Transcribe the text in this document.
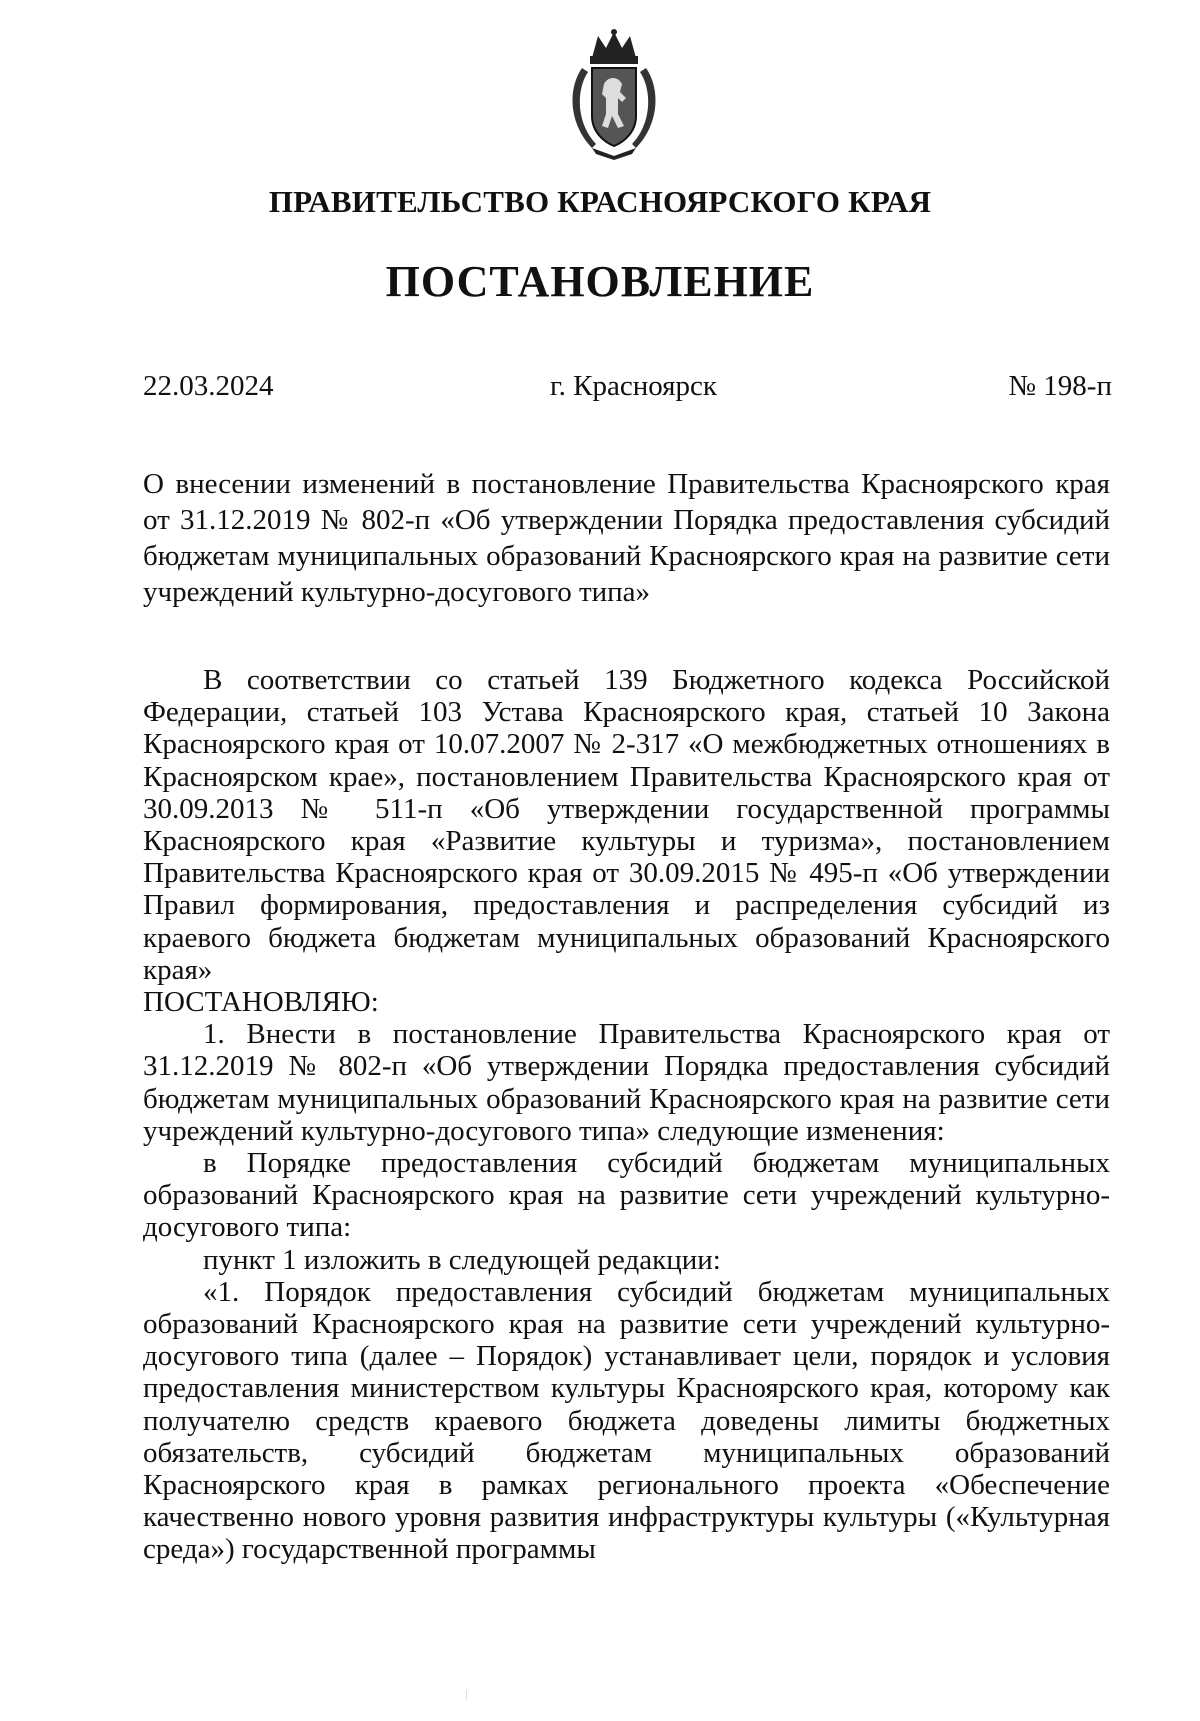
ПРАВИТЕЛЬСТВО КРАСНОЯРСКОГО КРАЯ
ПОСТАНОВЛЕНИЕ
22.03.2024	г. Красноярск	№ 198-п
О внесении изменений в постановление Правительства Красноярского края от 31.12.2019 № 802-п «Об утверждении Порядка предоставления субсидий бюджетам муниципальных образований Красноярского края на развитие сети учреждений культурно-досугового типа»

В соответствии со статьей 139 Бюджетного кодекса Российской Федерации, статьей 103 Устава Красноярского края, статьей 10 Закона Красноярского края от 10.07.2007 № 2-317 «О межбюджетных отношениях в Красноярском крае», постановлением Правительства Красноярского края от 30.09.2013 № 511-п «Об утверждении государственной программы Красноярского края «Развитие культуры и туризма», постановлением Правительства Красноярского края от 30.09.2015 № 495-п «Об утверждении Правил формирования, предоставления и распределения субсидий из краевого бюджета бюджетам муниципальных образований Красноярского края»

ПОСТАНОВЛЯЮ:

1. Внести в постановление Правительства Красноярского края от 31.12.2019 № 802-п «Об утверждении Порядка предоставления субсидий бюджетам муниципальных образований Красноярского края на развитие сети учреждений культурно-досугового типа» следующие изменения:

в Порядке предоставления субсидий бюджетам муниципальных образований Красноярского края на развитие сети учреждений культурно-досугового типа:

пункт 1 изложить в следующей редакции:

«1. Порядок предоставления субсидий бюджетам муниципальных образований Красноярского края на развитие сети учреждений культурно-досугового типа (далее – Порядок) устанавливает цели, порядок и условия предоставления министерством культуры Красноярского края, которому как получателю средств краевого бюджета доведены лимиты бюджетных обязательств, субсидий бюджетам муниципальных образований Красноярского края в рамках регионального проекта «Обеспечение качественно нового уровня развития инфраструктуры культуры («Культурная среда») государственной программы
